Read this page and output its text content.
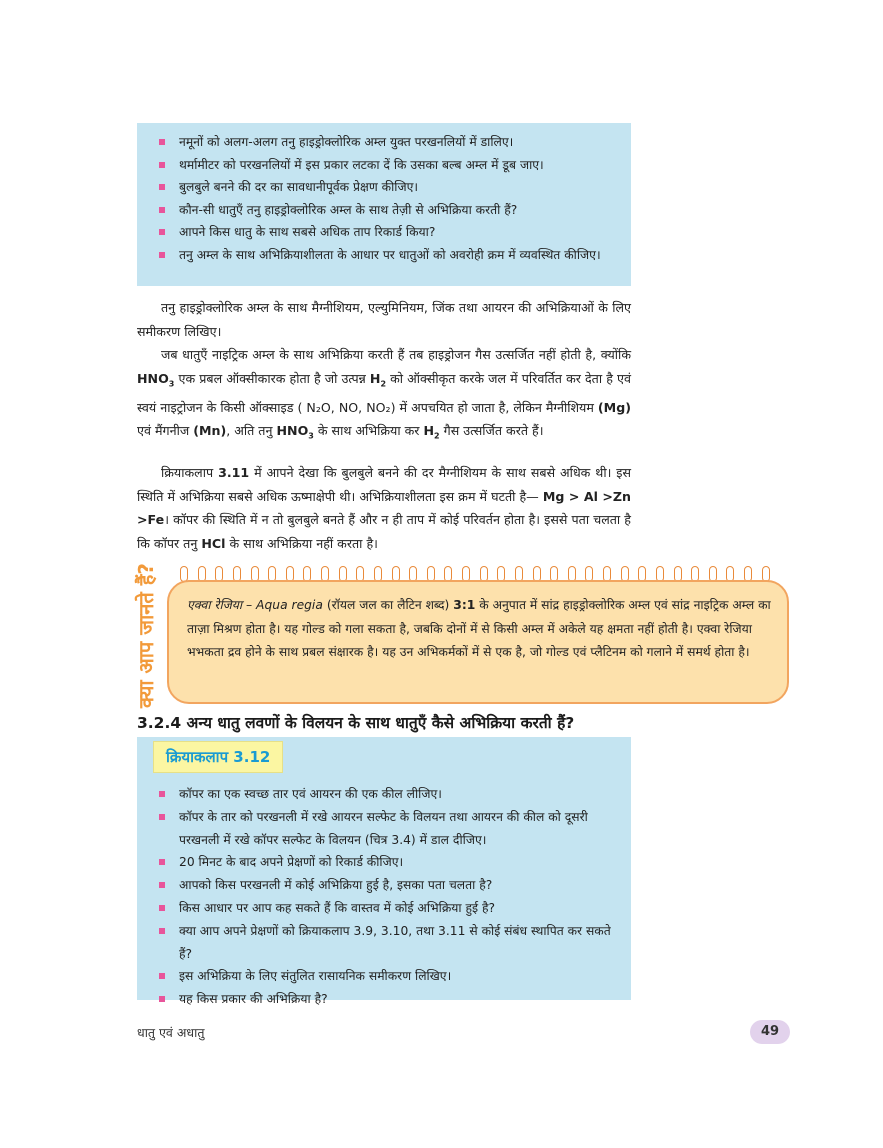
नमूनों को अलग-अलग तनु हाइड्रोक्लोरिक अम्ल युक्त परखनलियों में डालिए।
थर्मामीटर को परखनलियों में इस प्रकार लटका दें कि उसका बल्ब अम्ल में डूब जाए।
बुलबुले बनने की दर का सावधानीपूर्वक प्रेक्षण कीजिए।
कौन-सी धातुएँ तनु हाइड्रोक्लोरिक अम्ल के साथ तेज़ी से अभिक्रिया करती हैं?
आपने किस धातु के साथ सबसे अधिक ताप रिकार्ड किया?
तनु अम्ल के साथ अभिक्रियाशीलता के आधार पर धातुओं को अवरोही क्रम में व्यवस्थित कीजिए।

तनु हाइड्रोक्लोरिक अम्ल के साथ मैग्नीशियम, एल्युमिनियम, जिंक तथा आयरन की अभिक्रियाओं के लिए समीकरण लिखिए।

जब धातुएँ नाइट्रिक अम्ल के साथ अभिक्रिया करती हैं तब हाइड्रोजन गैस उत्सर्जित नहीं होती है, क्योंकि $HNO_3$ एक प्रबल ऑक्सीकारक होता है जो उत्पन्न $H_2$ को ऑक्सीकृत करके जल में परिवर्तित कर देता है एवं स्वयं नाइट्रोजन के किसी ऑक्साइड ( N₂O, NO, NO₂) में अपचयित हो जाता है, लेकिन मैग्नीशियम (Mg) एवं मैंगनीज (Mn), अति तनु $HNO_3$ के साथ अभिक्रिया कर $H_2$ गैस उत्सर्जित करते हैं।

क्रियाकलाप 3.11 में आपने देखा कि बुलबुले बनने की दर मैग्नीशियम के साथ सबसे अधिक थी। इस स्थिति में अभिक्रिया सबसे अधिक ऊष्माक्षेपी थी। अभिक्रियाशीलता इस क्रम में घटती है— Mg > Al >Zn >Fe। कॉपर की स्थिति में न तो बुलबुले बनते हैं और न ही ताप में कोई परिवर्तन होता है। इससे पता चलता है कि कॉपर तनु HCl के साथ अभिक्रिया नहीं करता है।

क्या आप जानते हैं?	एक्वा रेजिया – Aqua regia (रॉयल जल का लैटिन शब्द) 3:1 के अनुपात में सांद्र हाइड्रोक्लोरिक अम्ल एवं सांद्र नाइट्रिक अम्ल का ताज़ा मिश्रण होता है। यह गोल्ड को गला सकता है, जबकि दोनों में से किसी अम्ल में अकेले यह क्षमता नहीं होती है। एक्वा रेजिया भभकता द्रव होने के साथ प्रबल संक्षारक है। यह उन अभिकर्मकों में से एक है, जो गोल्ड एवं प्लैटिनम को गलाने में समर्थ होता है।
3.2.4 अन्य धातु लवणों के विलयन के साथ धातुएँ कैसे अभिक्रिया करती हैं?
क्रियाकलाप 3.12
कॉपर का एक स्वच्छ तार एवं आयरन की एक कील लीजिए।
कॉपर के तार को परखनली में रखे आयरन सल्फेट के विलयन तथा आयरन की कील को दूसरी परखनली में रखे कॉपर सल्फेट के विलयन (चित्र 3.4) में डाल दीजिए।
20 मिनट के बाद अपने प्रेक्षणों को रिकार्ड कीजिए।
आपको किस परखनली में कोई अभिक्रिया हुई है, इसका पता चलता है?
किस आधार पर आप कह सकते हैं कि वास्तव में कोई अभिक्रिया हुई है?
क्या आप अपने प्रेक्षणों को क्रियाकलाप 3.9, 3.10, तथा 3.11 से कोई संबंध स्थापित कर सकते हैं?
इस अभिक्रिया के लिए संतुलित रासायनिक समीकरण लिखिए।
यह किस प्रकार की अभिक्रिया है?
धातु एवं अधातु	49
